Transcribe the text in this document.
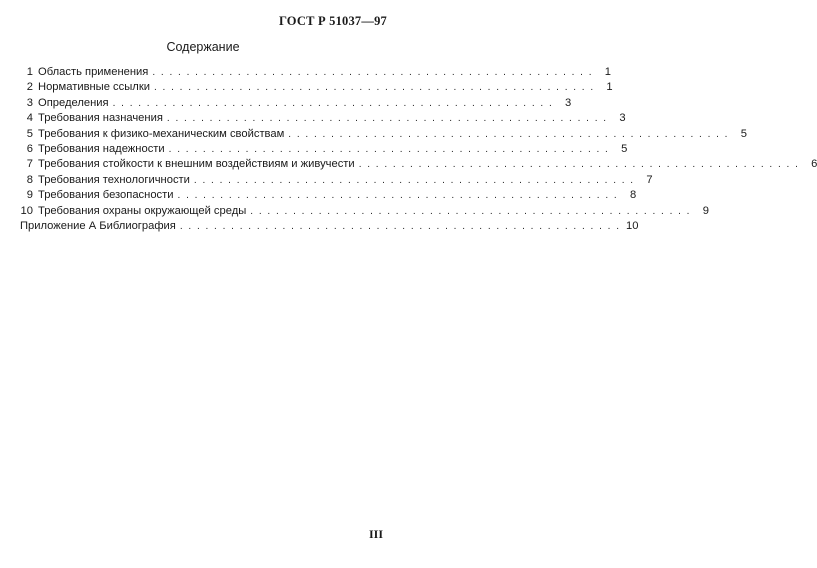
ГОСТ Р 51037—97
Содержание
1 Область применения . . . . . . . . . . . . . . . . . . . . . . . . . . . . . . . . . . . . . . . . . . . . . . . . . . . .	1
2 Нормативные ссылки . . . . . . . . . . . . . . . . . . . . . . . . . . . . . . . . . . . . . . . . . . . . . . . . . . . .	1
3 Определения . . . . . . . . . . . . . . . . . . . . . . . . . . . . . . . . . . . . . . . . . . . . . . . . . . . .	3
4 Требования назначения . . . . . . . . . . . . . . . . . . . . . . . . . . . . . . . . . . . . . . . . . . . . . . . . . . . .	3
5 Требования к физико-механическим свойствам . . . . . . . . . . . . . . . . . . . . . . . . . . . . . . . . . . . . . . . . . . . . . . . . . . . .	5
6 Требования надежности . . . . . . . . . . . . . . . . . . . . . . . . . . . . . . . . . . . . . . . . . . . . . . . . . . . .	5
7 Требования стойкости к внешним воздействиям и живучести . . . . . . . . . . . . . . . . . . . . . . . . . . . . . . . . . . . . . . . . . . . . . . . . . . . .	6
8 Требования технологичности . . . . . . . . . . . . . . . . . . . . . . . . . . . . . . . . . . . . . . . . . . . . . . . . . . . .	7
9 Требования безопасности . . . . . . . . . . . . . . . . . . . . . . . . . . . . . . . . . . . . . . . . . . . . . . . . . . . .	8
10 Требования охраны окружающей среды . . . . . . . . . . . . . . . . . . . . . . . . . . . . . . . . . . . . . . . . . . . . . . . . . . . .	9
Приложение А Библиография . . . . . . . . . . . . . . . . . . . . . . . . . . . . . . . . . . . . . . . . . . . . . . . . . . . . 10
III
